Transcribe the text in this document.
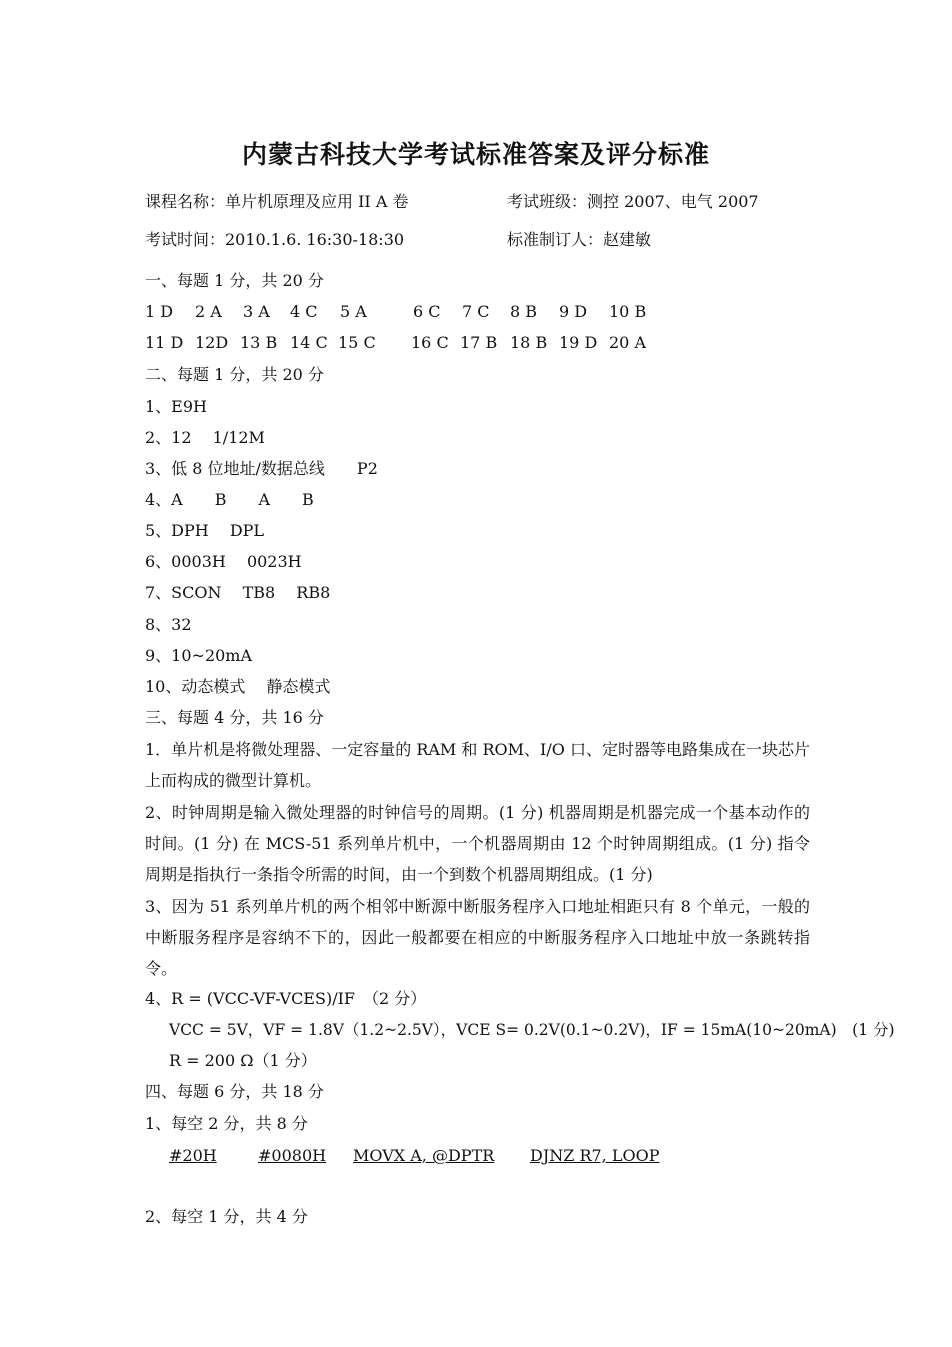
内蒙古科技大学考试标准答案及评分标准
课程名称：单片机原理及应用 II A 卷	考试班级：测控 2007、电气 2007
考试时间：2010.1.6. 16:30-18:30	标准制订人：赵建敏
一、每题 1 分，共 20 分
1 D 2 A 3 A 4 C 5 A	6 C 7 C 8 B 9 D 10 B
11 D 12D 13 B 14 C 15 C 16 C 17 B 18 B 19 D 20 A
二、每题 1 分，共 20 分
1、E9H
2、12　 1/12M
3、低 8 位地址/数据总线　　P2
4、A　　B　　A　　B
5、DPH　 DPL
6、0003H　 0023H
7、SCON　 TB8　 RB8
8、32
9、10~20mA
10、动态模式　 静态模式
三、每题 4 分，共 16 分
1．单片机是将微处理器、一定容量的 RAM 和 ROM、I/O 口、定时器等电路集成在一块芯片上而构成的微型计算机。
2、时钟周期是输入微处理器的时钟信号的周期。(1 分) 机器周期是机器完成一个基本动作的时间。(1 分) 在 MCS-51 系列单片机中，一个机器周期由 12 个时钟周期组成。(1 分) 指令周期是指执行一条指令所需的时间，由一个到数个机器周期组成。(1 分)
3、因为 51 系列单片机的两个相邻中断源中断服务程序入口地址相距只有 8 个单元，一般的中断服务程序是容纳不下的，因此一般都要在相应的中断服务程序入口地址中放一条跳转指令。
4、R = (VCC-VF-VCES)/IF　（2 分）
VCC = 5V，VF = 1.8V（1.2~2.5V），VCE S= 0.2V(0.1~0.2V)，IF = 15mA(10~20mA)　(1 分)
R = 200 Ω（1 分）
四、每题 6 分，共 18 分
1、每空 2 分，共 8 分
#20H	#0080H MOVX A, @DPTR	DJNZ R7, LOOP
2、每空 1 分，共 4 分
